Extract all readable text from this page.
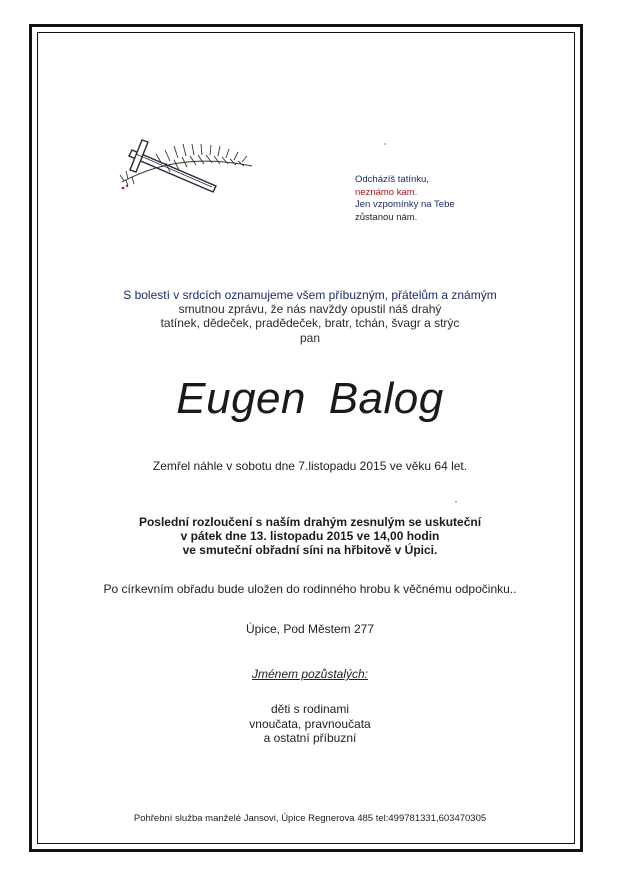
Odcházíš tatínku,
neznámo kam.
Jen vzpomínky na Tebe
zůstanou nám.
S bolestí v srdcích oznamujeme všem příbuzným, přátelům a známým
smutnou zprávu, že nás navždy opustil náš drahý
tatínek, dědeček, pradědeček, bratr, tchán, švagr a strýc
pan
Eugen Balog
Zemřel náhle v sobotu dne 7.listopadu 2015 ve věku 64 let.
Poslední rozloučení s naším drahým zesnulým se uskuteční
v pátek dne 13. listopadu 2015 ve 14,00 hodin
ve smuteční obřadní síni na hřbitově v Úpici.
Po církevním obřadu bude uložen do rodinného hrobu k věčnému odpočinku..
Úpice, Pod Městem 277
Jménem pozůstalých:
děti s rodinami
vnoučata, pravnoučata
a ostatní příbuzní
Pohřební služba manželé Jansovi, Úpice Regnerova 485 tel:499781331,603470305
